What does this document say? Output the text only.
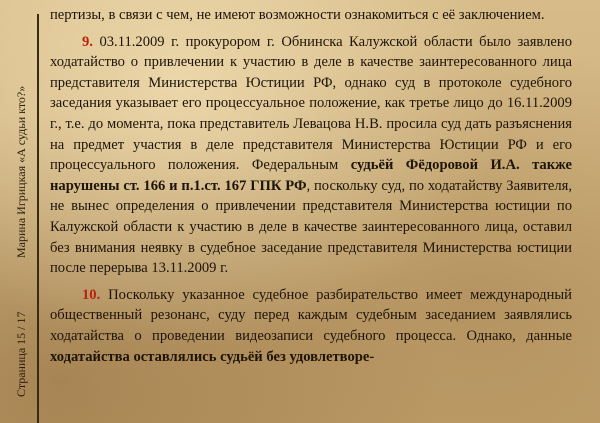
Марина Игрицкая «А судьи кто?»
Страница 15 / 17

пертизы, в связи с чем, не имеют возможности ознакомиться с её заключением.

9. 03.11.2009 г. прокурором г. Обнинска Калужской области было заявлено ходатайство о привлечении к участию в деле в качестве заинтересованного лица представителя Министерства Юстиции РФ, однако суд в протоколе судебного заседания указывает его процессуальное положение, как третье лицо до 16.11.2009 г., т.е. до момента, пока представитель Левацова Н.В. просила суд дать разъяснения на предмет участия в деле представителя Министерства Юстиции РФ и его процессуального положения. Федеральным судьёй Фёдоровой И.А. также нарушены ст. 166 и п.1.ст. 167 ГПК РФ, поскольку суд, по ходатайству Заявителя, не вынес определения о привлечении представителя Министерства юстиции по Калужской области к участию в деле в качестве заинтересованного лица, оставил без внимания неявку в судебное заседание представителя Министерства юстиции после перерыва 13.11.2009 г.

10. Поскольку указанное судебное разбирательство имеет международный общественный резонанс, суду перед каждым судебным заседанием заявлялись ходатайства о проведении видеозаписи судебного процесса. Однако, данные ходатайства оставлялись судьёй без удовлетворе-
